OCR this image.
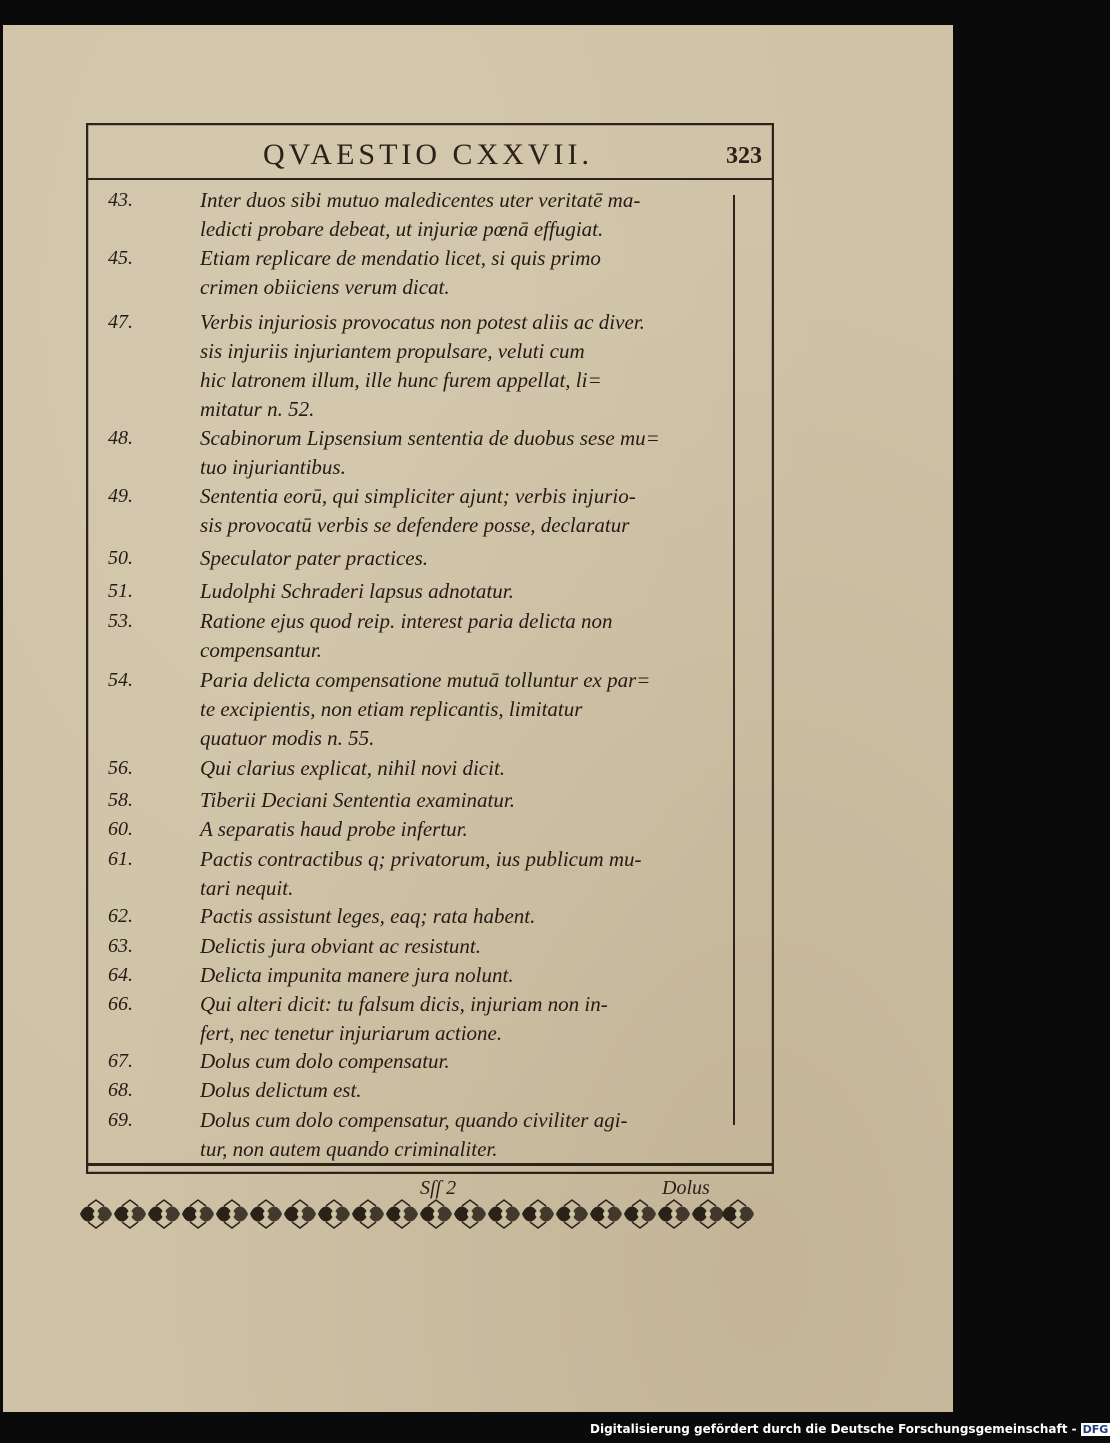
QVAESTIO CXXVII.	323
43.	Inter duos sibi mutuo maledicentes uter veritatē ma-
ledicti probare debeat, ut injuriæ pœnā effugiat.
45.	Etiam replicare de mendatio licet, si quis primo
crimen obiiciens verum dicat.
47.	Verbis injuriosis provocatus non potest aliis ac diver.
sis injuriis injuriantem propulsare, veluti cum
hic latronem illum, ille hunc furem appellat, li=
mitatur n. 52.
48.	Scabinorum Lipsensium sententia de duobus sese mu=
tuo injuriantibus.
49.	Sententia eorū, qui simpliciter ajunt; verbis injurio-
sis provocatū verbis se defendere posse, declaratur
50.	Speculator pater practices.
51.	Ludolphi Schraderi lapsus adnotatur.
53.	Ratione ejus quod reip. interest paria delicta non
compensantur.
54.	Paria delicta compensatione mutuā tolluntur ex par=
te excipientis, non etiam replicantis, limitatur
quatuor modis n. 55.
56.	Qui clarius explicat, nihil novi dicit.
58.	Tiberii Deciani Sententia examinatur.
60.	A separatis haud probe infertur.
61.	Pactis contractibus q; privatorum, ius publicum mu-
tari nequit.
62.	Pactis assistunt leges, eaq; rata habent.
63.	Delictis jura obviant ac resistunt.
64.	Delicta impunita manere jura nolunt.
66.	Qui alteri dicit: tu falsum dicis, injuriam non in-
fert, nec tenetur injuriarum actione.
67.	Dolus cum dolo compensatur.
68.	Dolus delictum est.
69.	Dolus cum dolo compensatur, quando civiliter agi-
tur, non autem quando criminaliter.
Sſſ 2	Dolus
Digitalisierung gefördert durch die Deutsche Forschungsgemeinschaft - DFG
